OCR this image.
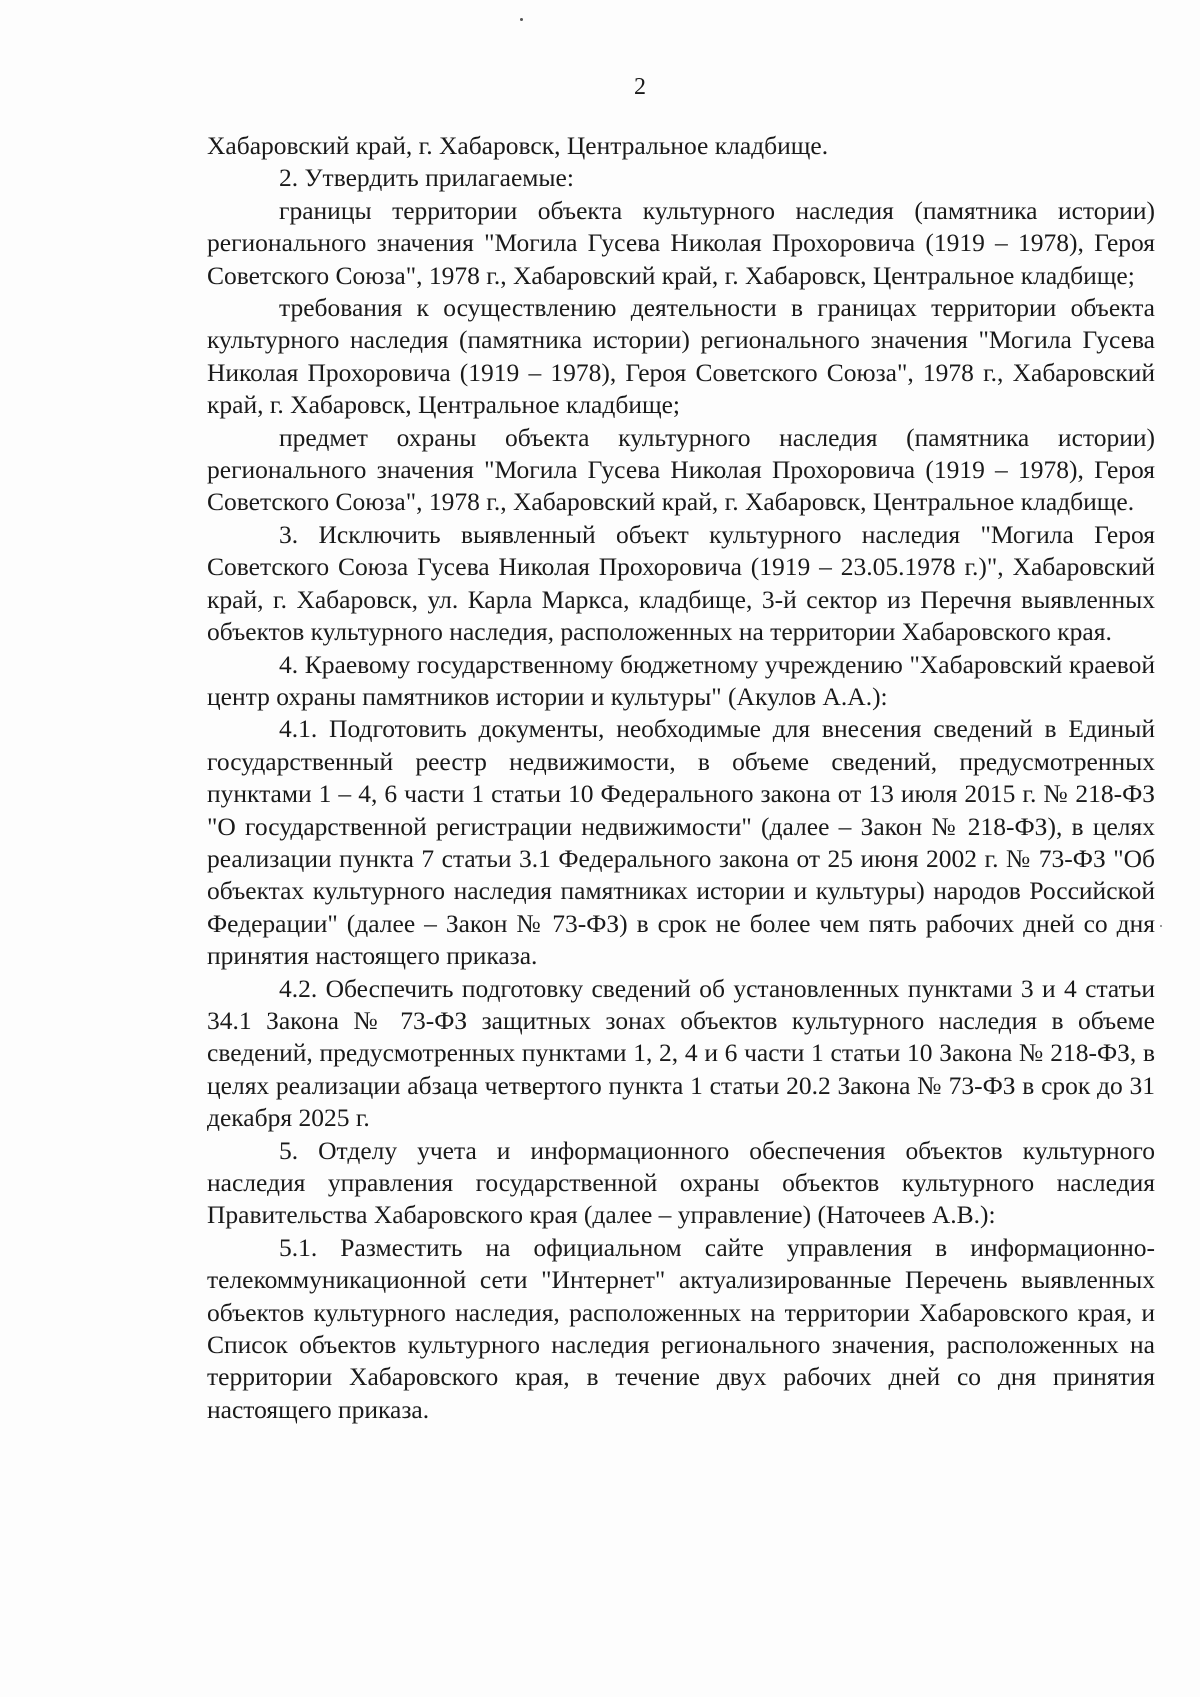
2

Хабаровский край, г. Хабаровск, Центральное кладбище.

2. Утвердить прилагаемые:

границы территории объекта культурного наследия (памятника истории) регионального значения "Могила Гусева Николая Прохоровича (1919 – 1978), Героя Советского Союза", 1978 г., Хабаровский край, г. Хабаровск, Центральное кладбище;

требования к осуществлению деятельности в границах территории объекта культурного наследия (памятника истории) регионального значения "Могила Гусева Николая Прохоровича (1919 – 1978), Героя Советского Союза", 1978 г., Хабаровский край, г. Хабаровск, Центральное кладбище;

предмет охраны объекта культурного наследия (памятника истории) регионального значения "Могила Гусева Николая Прохоровича (1919 – 1978), Героя Советского Союза", 1978 г., Хабаровский край, г. Хабаровск, Центральное кладбище.

3. Исключить выявленный объект культурного наследия "Могила Героя Советского Союза Гусева Николая Прохоровича (1919 – 23.05.1978 г.)", Хабаровский край, г. Хабаровск, ул. Карла Маркса, кладбище, 3-й сектор из Перечня выявленных объектов культурного наследия, расположенных на территории Хабаровского края.

4. Краевому государственному бюджетному учреждению "Хабаровский краевой центр охраны памятников истории и культуры" (Акулов А.А.):

4.1. Подготовить документы, необходимые для внесения сведений в Единый государственный реестр недвижимости, в объеме сведений, предусмотренных пунктами 1 – 4, 6 части 1 статьи 10 Федерального закона от 13 июля 2015 г. № 218-ФЗ "О государственной регистрации недвижимости" (далее – Закон № 218-ФЗ), в целях реализации пункта 7 статьи 3.1 Федерального закона от 25 июня 2002 г. № 73-ФЗ "Об объектах культурного наследия памятниках истории и культуры) народов Российской Федерации" (далее – Закон № 73-ФЗ) в срок не более чем пять рабочих дней со дня принятия настоящего приказа.

4.2. Обеспечить подготовку сведений об установленных пунктами 3 и 4 статьи 34.1 Закона № 73-ФЗ защитных зонах объектов культурного наследия в объеме сведений, предусмотренных пунктами 1, 2, 4 и 6 части 1 статьи 10 Закона № 218-ФЗ, в целях реализации абзаца четвертого пункта 1 статьи 20.2 Закона № 73-ФЗ в срок до 31 декабря 2025 г.

5. Отделу учета и информационного обеспечения объектов культурного наследия управления государственной охраны объектов культурного наследия Правительства Хабаровского края (далее – управление) (Наточеев А.В.):

5.1. Разместить на официальном сайте управления в информационно-телекоммуникационной сети "Интернет" актуализированные Перечень выявленных объектов культурного наследия, расположенных на территории Хабаровского края, и Список объектов культурного наследия регионального значения, расположенных на территории Хабаровского края, в течение двух рабочих дней со дня принятия настоящего приказа.
